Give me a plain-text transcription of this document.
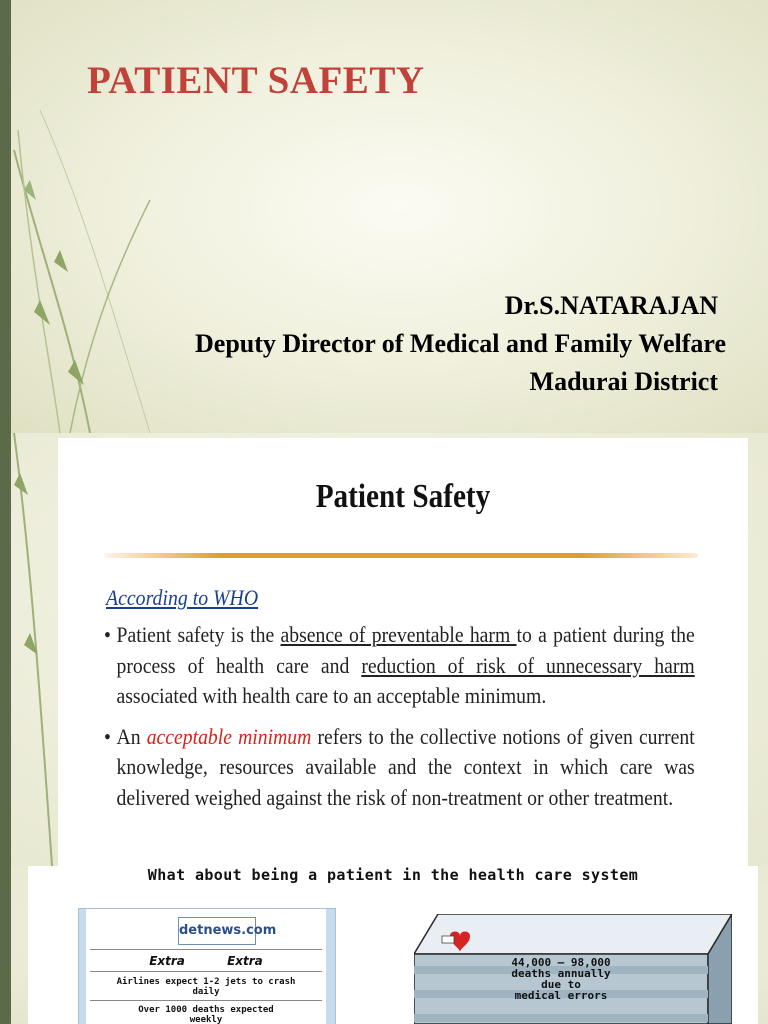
PATIENT SAFETY
Dr.S.NATARAJAN
Deputy Director of Medical and Family Welfare
Madurai District
Patient Safety

According to WHO

• Patient safety is the absence of preventable harm to a patient during the process of health care and reduction of risk of unnecessary harm associated with health care to an acceptable minimum.
• An acceptable minimum refers to the collective notions of given current knowledge, resources available and the context in which care was delivered weighed against the risk of non-treatment or other treatment.
What about being a patient in the health care system
detnews.com
Extra Extra
Airlines expect 1-2 jets to crash
daily
Over 1000 deaths expected
weekly
44,000 – 98,000
deaths annually
due to
medical errors
